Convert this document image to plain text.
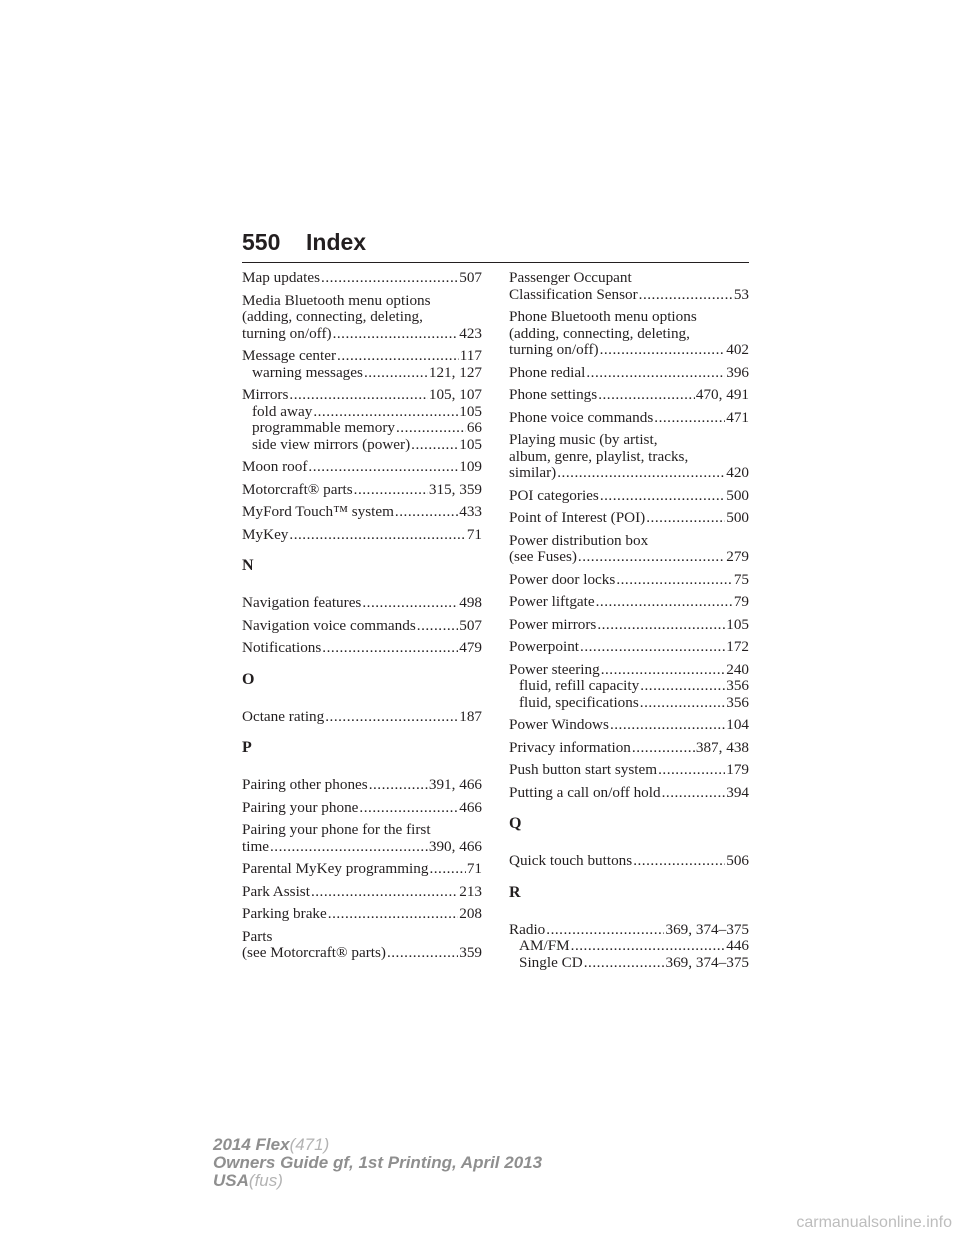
550 Index
Map updates .....	507
Media Bluetooth menu options
(adding, connecting, deleting,
turning on/off) .....	423
Message center .....	117
warning messages .....	121, 127
Mirrors .....	105, 107
fold away .....	105
programmable memory .....	66
side view mirrors (power) .....	105
Moon roof .....	109
Motorcraft® parts .....	315, 359
MyFord Touch™ system .....	433
MyKey .....	71
N
Navigation features .....	498
Navigation voice commands .....	507
Notifications .....	479
O
Octane rating .....	187
P
Pairing other phones .....	391, 466
Pairing your phone .....	466
Pairing your phone for the first
time .....	390, 466
Parental MyKey programming .....	71
Park Assist .....	213
Parking brake .....	208
Parts
(see Motorcraft® parts) .....	359
Passenger Occupant
Classification Sensor .....	53
Phone Bluetooth menu options
(adding, connecting, deleting,
turning on/off) .....	402
Phone redial .....	396
Phone settings .....	470, 491
Phone voice commands .....	471
Playing music (by artist,
album, genre, playlist, tracks,
similar) .....	420
POI categories .....	500
Point of Interest (POI) .....	500
Power distribution box
(see Fuses) .....	279
Power door locks .....	75
Power liftgate .....	79
Power mirrors .....	105
Powerpoint .....	172
Power steering .....	240
fluid, refill capacity .....	356
fluid, specifications .....	356
Power Windows .....	104
Privacy information .....	387, 438
Push button start system .....	179
Putting a call on/off hold .....	394
Q
Quick touch buttons .....	506
R
Radio .....	369, 374–375
AM/FM .....	446
Single CD .....	369, 374–375
2014 Flex(471)
Owners Guide gf, 1st Printing, April 2013
USA(fus)
carmanualsonline.info
